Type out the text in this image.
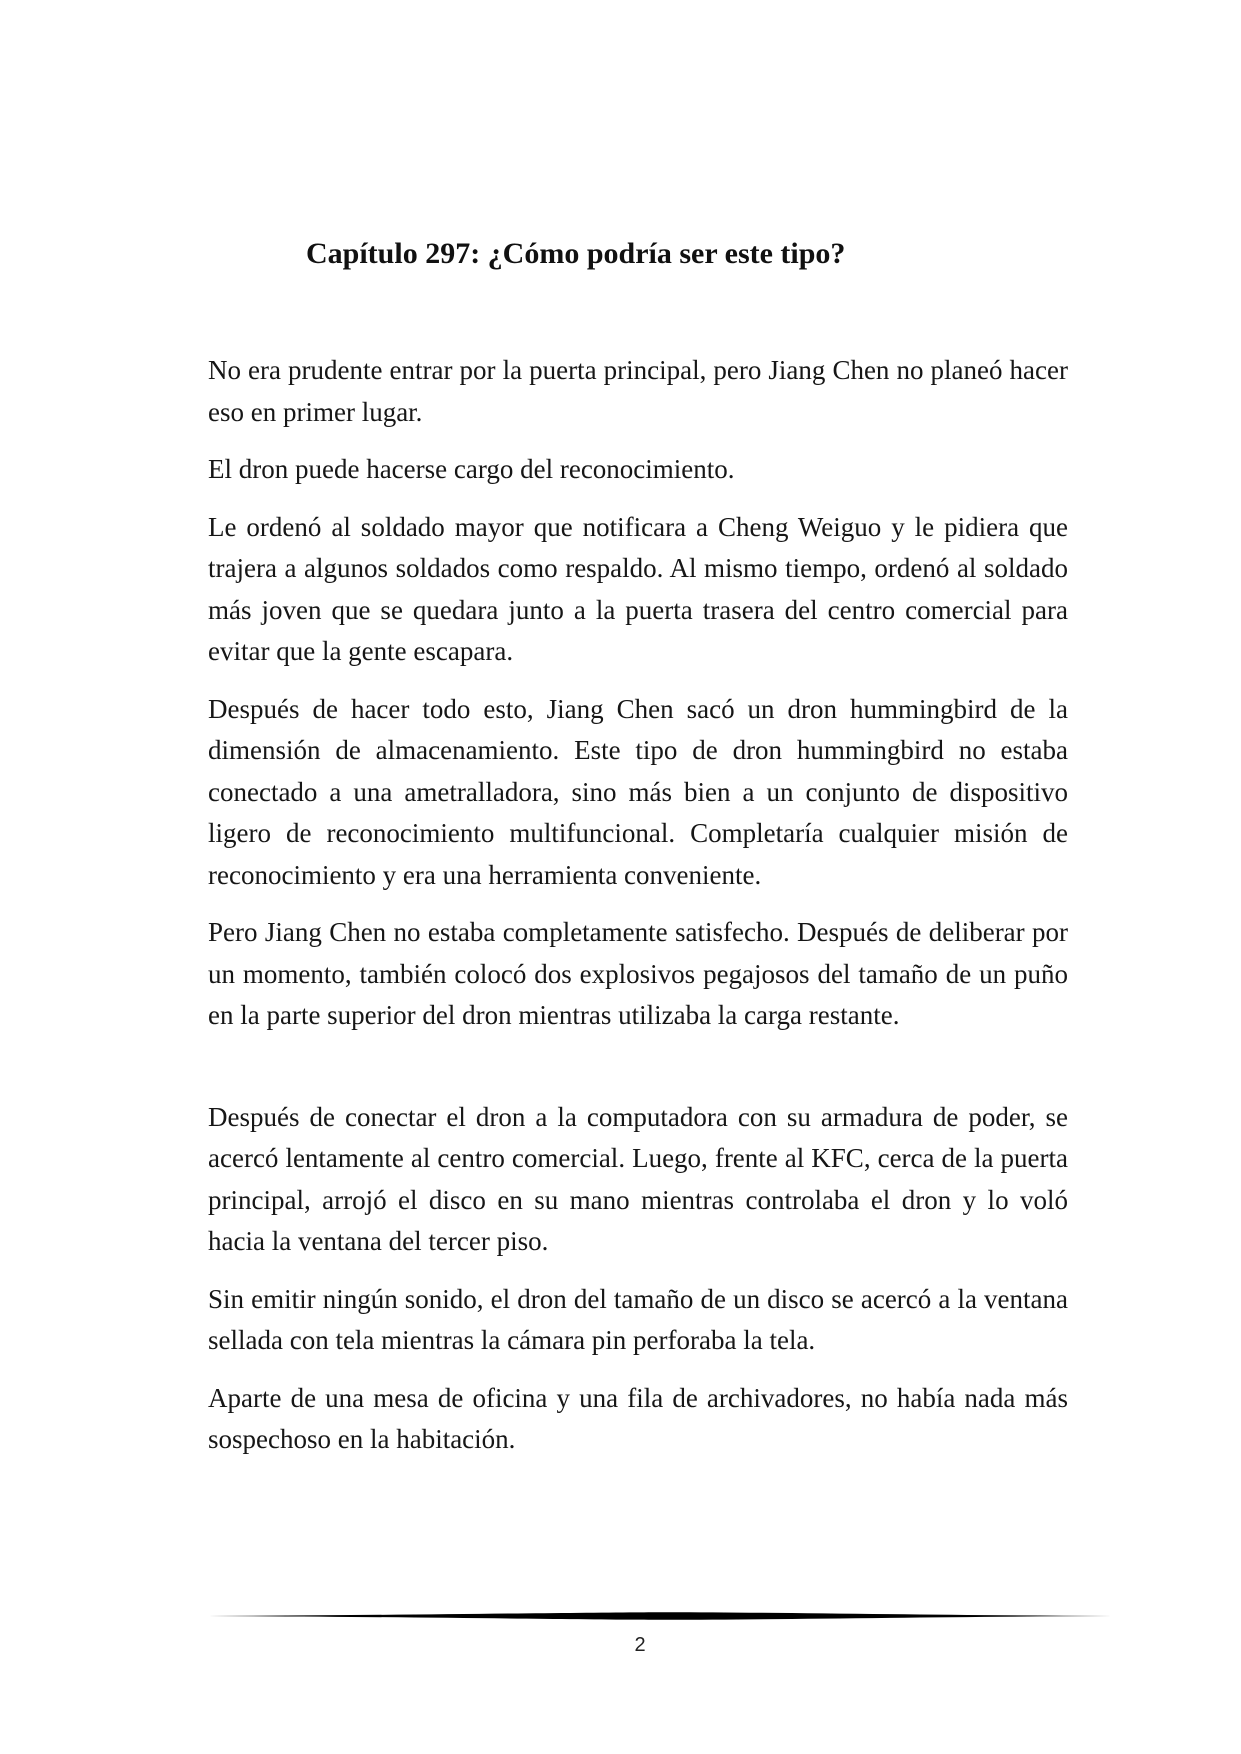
Capítulo 297: ¿Cómo podría ser este tipo?

No era prudente entrar por la puerta principal, pero Jiang Chen no planeó hacer eso en primer lugar.

El dron puede hacerse cargo del reconocimiento.

Le ordenó al soldado mayor que notificara a Cheng Weiguo y le pidiera que trajera a algunos soldados como respaldo. Al mismo tiempo, ordenó al soldado más joven que se quedara junto a la puerta trasera del centro comercial para evitar que la gente escapara.

Después de hacer todo esto, Jiang Chen sacó un dron hummingbird de la dimensión de almacenamiento. Este tipo de dron hummingbird no estaba conectado a una ametralladora, sino más bien a un conjunto de dispositivo ligero de reconocimiento multifuncional. Completaría cualquier misión de reconocimiento y era una herramienta conveniente.

Pero Jiang Chen no estaba completamente satisfecho. Después de deliberar por un momento, también colocó dos explosivos pegajosos del tamaño de un puño en la parte superior del dron mientras utilizaba la carga restante.

Después de conectar el dron a la computadora con su armadura de poder, se acercó lentamente al centro comercial. Luego, frente al KFC, cerca de la puerta principal, arrojó el disco en su mano mientras controlaba el dron y lo voló hacia la ventana del tercer piso.

Sin emitir ningún sonido, el dron del tamaño de un disco se acercó a la ventana sellada con tela mientras la cámara pin perforaba la tela.

Aparte de una mesa de oficina y una fila de archivadores, no había nada más sospechoso en la habitación.

2
